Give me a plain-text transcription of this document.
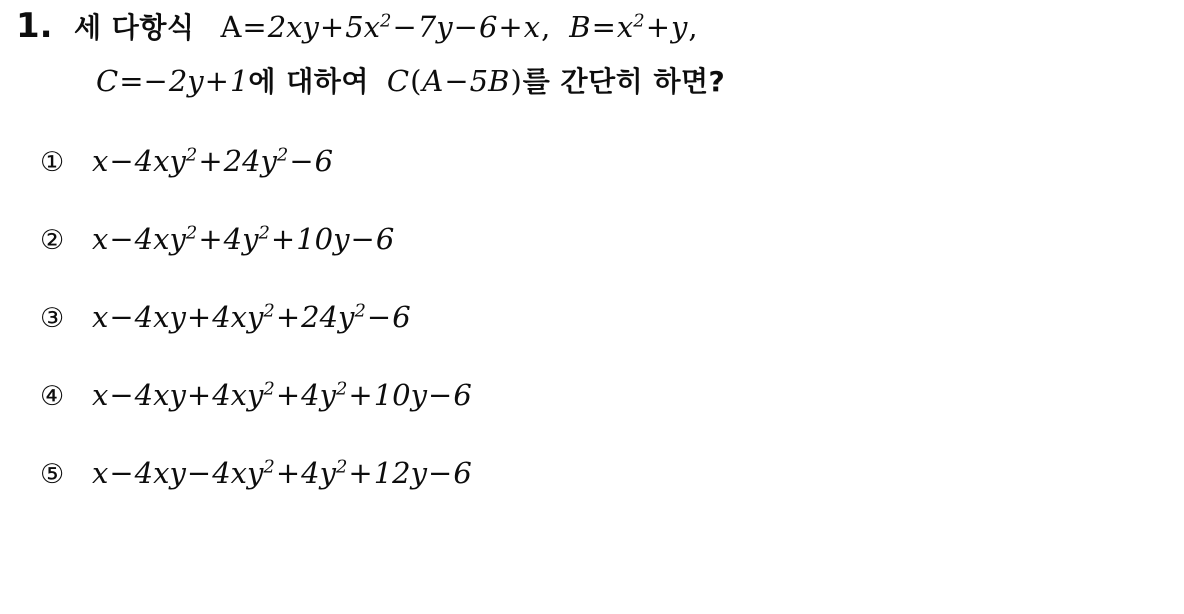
1. 세 다항식 $A=2xy+5x^2-7y-6+x$, $B=x^2+y$,
C=−2y+1 에 대하여 C(A−5B) 를 간단히 하면?
① $x-4xy^2+24y^2-6$
② $x-4xy^2+4y^2+10y-6$
③ $x-4xy+4xy^2+24y^2-6$
④ $x-4xy+4xy^2+4y^2+10y-6$
⑤ $x-4xy-4xy^2+4y^2+12y-6$
